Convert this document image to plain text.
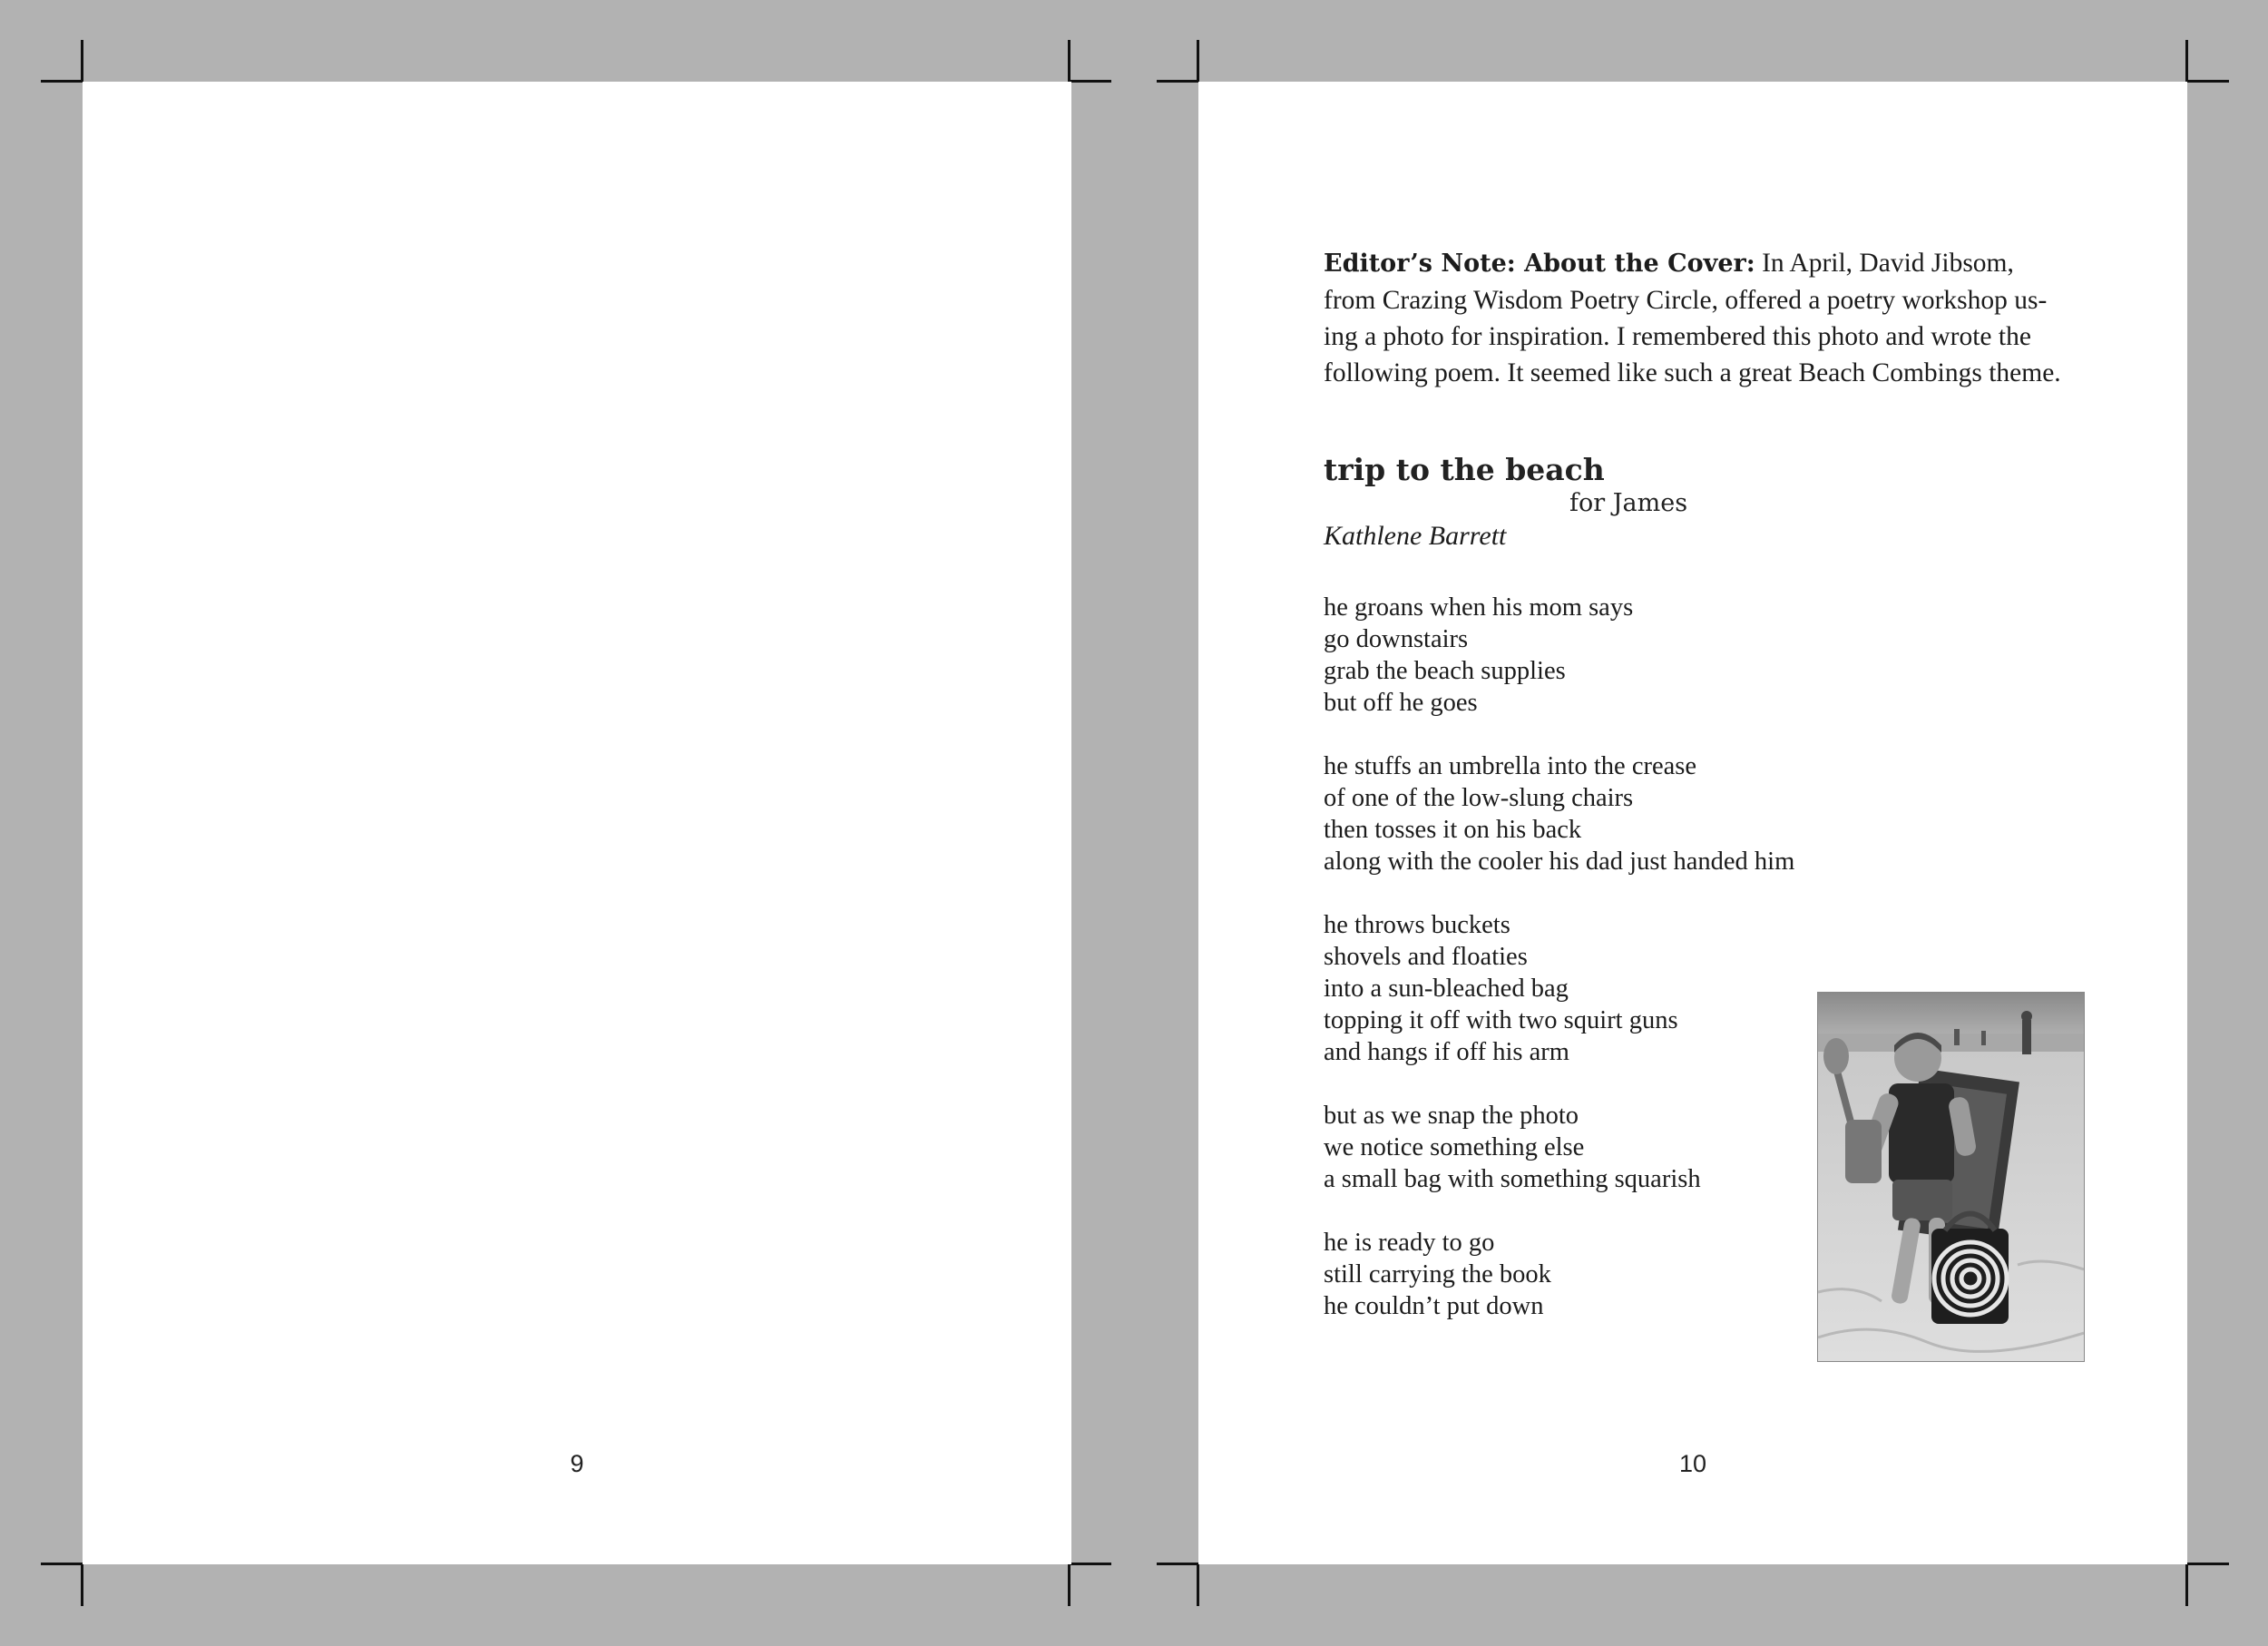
9
Editor’s Note: About the Cover: In April, David Jibsom,
from Crazing Wisdom Poetry Circle, offered a poetry workshop us-
ing a photo for inspiration. I remembered this photo and wrote the
following poem. It seemed like such a great Beach Combings theme.
trip to the beach
for James
Kathlene Barrett
he groans when his mom says
go downstairs
grab the beach supplies
but off he goes
he stuffs an umbrella into the crease
of one of the low-slung chairs
then tosses it on his back
along with the cooler his dad just handed him
he throws buckets
shovels and floaties
into a sun-bleached bag
topping it off with two squirt guns
and hangs if off his arm
but as we snap the photo
we notice something else
a small bag with something squarish
he is ready to go
still carrying the book
he couldn’t put down
10
